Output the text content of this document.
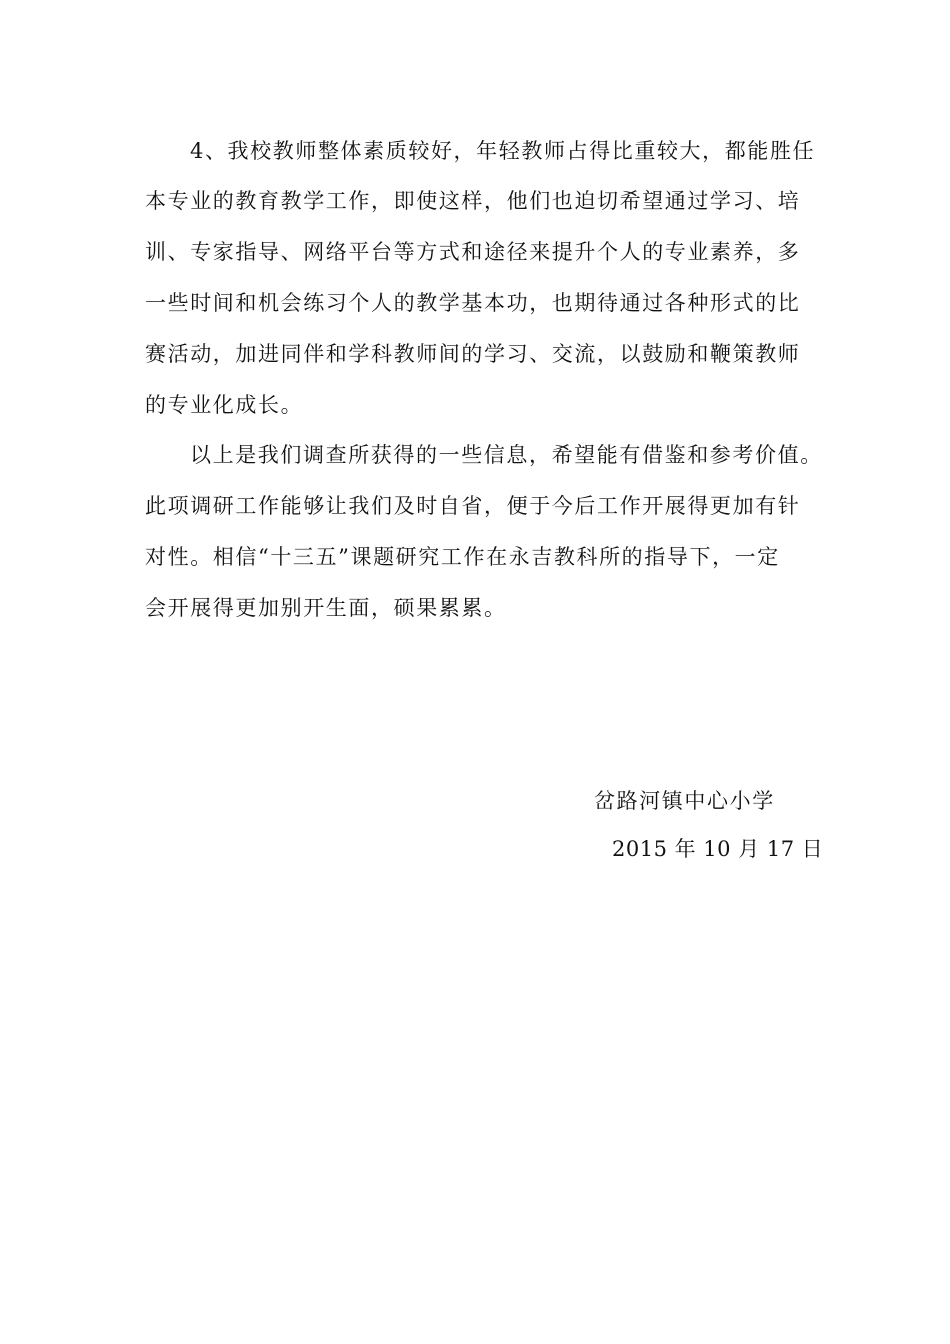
4、我校教师整体素质较好，年轻教师占得比重较大，都能胜任
本专业的教育教学工作，即使这样，他们也迫切希望通过学习、培
训、专家指导、网络平台等方式和途径来提升个人的专业素养，多
一些时间和机会练习个人的教学基本功，也期待通过各种形式的比
赛活动，加进同伴和学科教师间的学习、交流，以鼓励和鞭策教师
的专业化成长。
以上是我们调查所获得的一些信息，希望能有借鉴和参考价值。
此项调研工作能够让我们及时自省，便于今后工作开展得更加有针
对性。相信“十三五”课题研究工作在永吉教科所的指导下，一定
会开展得更加别开生面，硕果累累。
岔路河镇中心小学
2015 年 10 月 17 日
